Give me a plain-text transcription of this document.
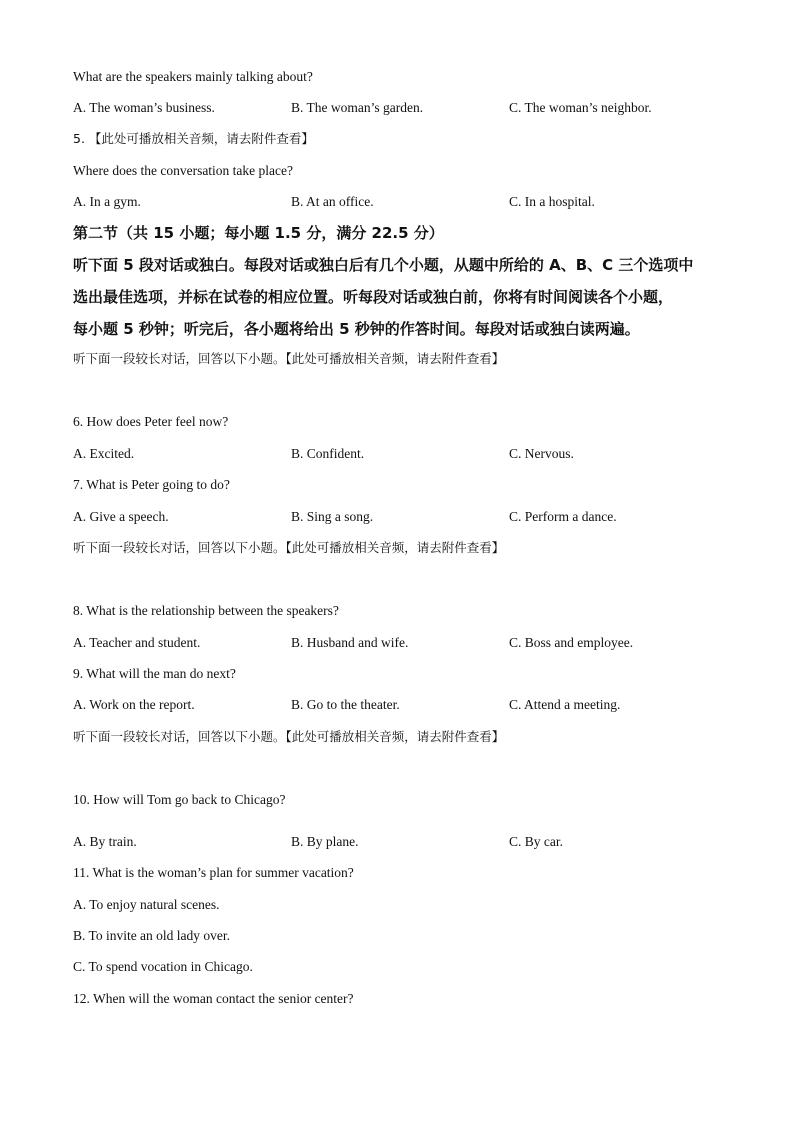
What are the speakers mainly talking about?
A. The woman’s business.	B. The woman’s garden.	C. The woman’s neighbor.
5. 【此处可播放相关音频，请去附件查看】
Where does the conversation take place?
A. In a gym.	B. At an office.	C. In a hospital.
第二节（共 15 小题；每小题 1.5 分，满分 22.5 分）
听下面 5 段对话或独白。每段对话或独白后有几个小题，从题中所给的 A、B、C 三个选项中
选出最佳选项，并标在试卷的相应位置。听每段对话或独白前，你将有时间阅读各个小题，
每小题 5 秒钟；听完后，各小题将给出 5 秒钟的作答时间。每段对话或独白读两遍。
听下面一段较长对话，回答以下小题。【此处可播放相关音频，请去附件查看】
6. How does Peter feel now?
A. Excited.	B. Confident.	C. Nervous.
7. What is Peter going to do?
A. Give a speech.	B. Sing a song.	C. Perform a dance.
听下面一段较长对话，回答以下小题。【此处可播放相关音频，请去附件查看】
8. What is the relationship between the speakers?
A. Teacher and student.	B. Husband and wife.	C. Boss and employee.
9. What will the man do next?
A. Work on the report.	B. Go to the theater.	C. Attend a meeting.
听下面一段较长对话，回答以下小题。【此处可播放相关音频，请去附件查看】
10. How will Tom go back to Chicago?
A. By train.	B. By plane.	C. By car.
11. What is the woman’s plan for summer vacation?
A. To enjoy natural scenes.
B. To invite an old lady over.
C. To spend vocation in Chicago.
12. When will the woman contact the senior center?
